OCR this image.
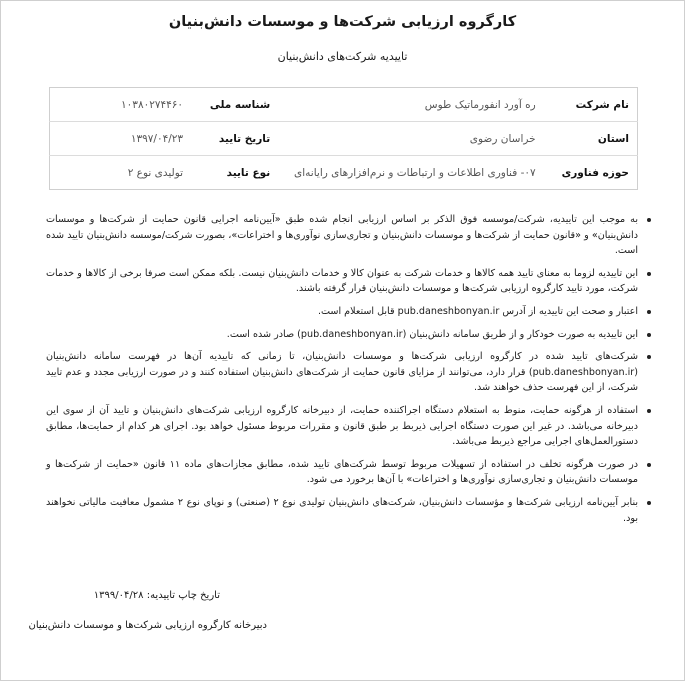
کارگروه ارزیابی شرکت‌ها و موسسات دانش‌بنیان
تاییدیه شرکت‌های دانش‌بنیان
نام شرکت	ره آورد انفورماتیک طوس	شناسه ملی	۱۰۳۸۰۲۷۴۴۶۰
استان	خراسان رضوی	تاریخ تایید	۱۳۹۷/۰۴/۲۳
حوزه فناوری	۰۷- فناوری اطلاعات و ارتباطات و نرم‌افزارهای رایانه‌ای	نوع تایید	تولیدی نوع ۲
به موجب این تاییدیه، شرکت/موسسه فوق الذکر بر اساس ارزیابی انجام شده طبق «آیین‌نامه اجرایی قانون حمایت از شرکت‌ها و موسسات دانش‌بنیان» و «قانون حمایت از شرکت‌ها و موسسات دانش‌بنیان و تجاری‌سازی نوآوری‌ها و اختراعات»، بصورت شرکت/موسسه دانش‌بنیان تایید شده است.
این تاییدیه لزوما به معنای تایید همه کالاها و خدمات شرکت به عنوان کالا و خدمات دانش‌بنیان نیست. بلکه ممکن است صرفا برخی از کالاها و خدمات شرکت، مورد تایید کارگروه ارزیابی شرکت‌ها و موسسات دانش‌بنیان قرار گرفته باشند.
اعتبار و صحت این تاییدیه از آدرس pub.daneshbonyan.ir قابل استعلام است.
این تاییدیه به صورت خودکار و از طریق سامانه دانش‌بنیان (pub.daneshbonyan.ir) صادر شده است.
شرکت‌های تایید شده در کارگروه ارزیابی شرکت‌ها و موسسات دانش‌بنیان، تا زمانی که تاییدیه آن‌ها در فهرست سامانه دانش‌بنیان (pub.daneshbonyan.ir) قرار دارد، می‌توانند از مزایای قانون حمایت از شرکت‌های دانش‌بنیان استفاده کنند و در صورت ارزیابی مجدد و عدم تایید شرکت، از این فهرست حذف خواهند شد.
استفاده از هرگونه حمایت، منوط به استعلام دستگاه اجراکننده حمایت، از دبیرخانه کارگروه ارزیابی شرکت‌های دانش‌بنیان و تایید آن از سوی این دبیرخانه می‌باشد. در غیر این صورت دستگاه اجرایی ذیربط بر طبق قانون و مقررات مربوط مسئول خواهد بود. اجرای هر کدام از حمایت‌ها، مطابق دستورالعمل‌های اجرایی مراجع ذیربط می‌باشد.
در صورت هرگونه تخلف در استفاده از تسهیلات مربوط توسط شرکت‌های تایید شده، مطابق مجازات‌های ماده ۱۱ قانون «حمایت از شرکت‌ها و موسسات دانش‌بنیان و تجاری‌سازی نوآوری‌ها و اختراعات» با آن‌ها برخورد می شود.
بنابر آیین‌نامه ارزیابی شرکت‌ها و مؤسسات دانش‌بنیان، شرکت‌های دانش‌بنیان تولیدی نوع ۲ (صنعتی) و نوپای نوع ۲ مشمول معافیت مالیاتی نخواهند بود.
تاریخ چاپ تاییدیه: ۱۳۹۹/۰۴/۲۸
دبیرخانه کارگروه ارزیابی شرکت‌ها و موسسات دانش‌بنیان
